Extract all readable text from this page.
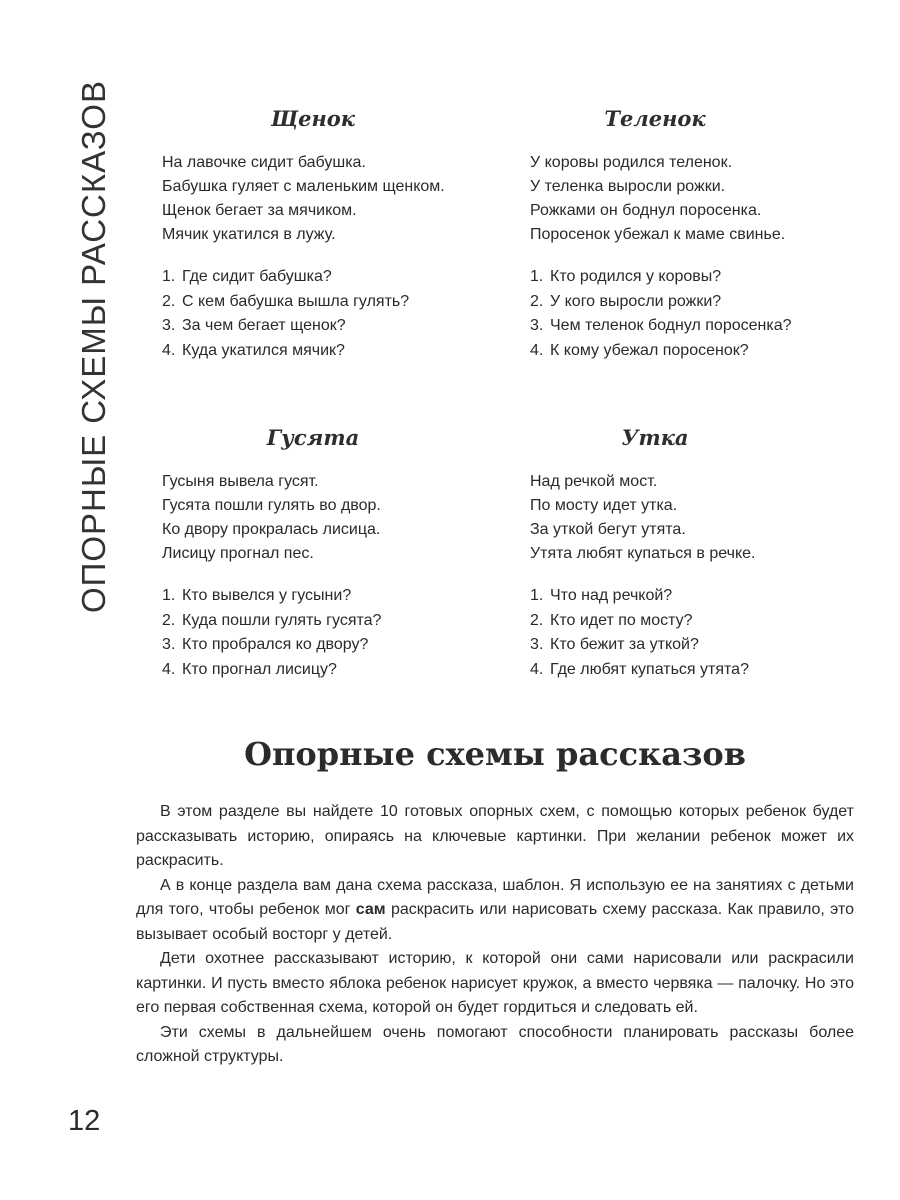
ОПОРНЫЕ СХЕМЫ РАССКАЗОВ	Щенок
На лавочке сидит бабушка.
Бабушка гуляет с маленьким щенком.
Щенок бегает за мячиком.
Мячик укатился в лужу.
1. Где сидит бабушка?
2. С кем бабушка вышла гулять?
3. За чем бегает щенок?
4. Куда укатился мячик?
Теленок
У коровы родился теленок.
У теленка выросли рожки.
Рожками он боднул поросенка.
Поросенок убежал к маме свинье.
1. Кто родился у коровы?
2. У кого выросли рожки?
3. Чем теленок боднул поросенка?
4. К кому убежал поросенок?
Гусята
Гусыня вывела гусят.
Гусята пошли гулять во двор.
Ко двору прокралась лисица.
Лисицу прогнал пес.
1. Кто вывелся у гусыни?
2. Куда пошли гулять гусята?
3. Кто пробрался ко двору?
4. Кто прогнал лисицу?
Утка
Над речкой мост.
По мосту идет утка.
За уткой бегут утята.
Утята любят купаться в речке.
1. Что над речкой?
2. Кто идет по мосту?
3. Кто бежит за уткой?
4. Где любят купаться утята?
Опорные схемы рассказов

В этом разделе вы найдете 10 готовых опорных схем, с помощью которых ребенок будет рассказывать историю, опираясь на ключевые картинки. При желании ребенок может их раскрасить.

А в конце раздела вам дана схема рассказа, шаблон. Я использую ее на занятиях с детьми для того, чтобы ребенок мог сам раскрасить или нарисовать схему рассказа. Как правило, это вызывает особый восторг у детей.

Дети охотнее рассказывают историю, к которой они сами нарисовали или раскрасили картинки. И пусть вместо яблока ребенок нарисует кружок, а вместо червяка — палочку. Но это его первая собственная схема, которой он будет гордиться и следовать ей.

Эти схемы в дальнейшем очень помогают способности планировать рассказы более сложной структуры.

12
